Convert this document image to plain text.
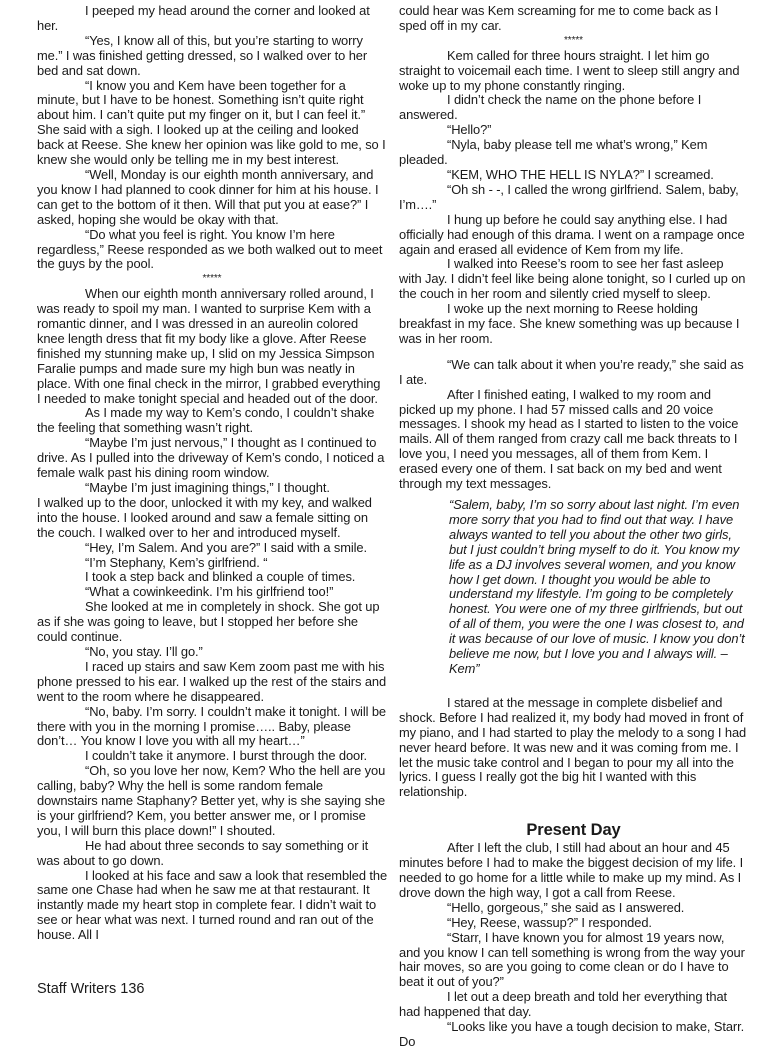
I peeped my head around the corner and looked at her.

“Yes, I know all of this, but you’re starting to worry me.” I was finished getting dressed, so I walked over to her bed and sat down.

“I know you and Kem have been together for a minute, but I have to be honest. Something isn’t quite right about him. I can’t quite put my finger on it, but I can feel it.” She said with a sigh. I looked up at the ceiling and looked back at Reese. She knew her opinion was like gold to me, so I knew she would only be telling me in my best interest.

“Well, Monday is our eighth month anniversary, and you know I had planned to cook dinner for him at his house. I can get to the bottom of it then. Will that put you at ease?” I asked, hoping she would be okay with that.

“Do what you feel is right. You know I’m here regardless,” Reese responded as we both walked out to meet the guys by the pool.

*****

When our eighth month anniversary rolled around, I was ready to spoil my man. I wanted to surprise Kem with a romantic dinner, and I was dressed in an aureolin colored knee length dress that fit my body like a glove. After Reese finished my stunning make up, I slid on my Jessica Simpson Faralie pumps and made sure my high bun was neatly in place. With one final check in the mirror, I grabbed everything I needed to make tonight special and headed out of the door.

As I made my way to Kem’s condo, I couldn’t shake the feeling that something wasn’t right.

“Maybe I’m just nervous,” I thought as I continued to drive. As I pulled into the driveway of Kem’s condo, I noticed a female walk past his dining room window.

“Maybe I’m just imagining things,” I thought.

I walked up to the door, unlocked it with my key, and walked into the house. I looked around and saw a female sitting on the couch. I walked over to her and introduced myself.

“Hey, I’m Salem. And you are?” I said with a smile.

“I’m Stephany, Kem’s girlfriend. “

I took a step back and blinked a couple of times.

“What a cowinkeedink. I’m his girlfriend too!”

She looked at me in completely in shock. She got up as if she was going to leave, but I stopped her before she could continue.

“No, you stay. I’ll go.”

I raced up stairs and saw Kem zoom past me with his phone pressed to his ear. I walked up the rest of the stairs and went to the room where he disappeared.

“No, baby. I’m sorry. I couldn’t make it tonight. I will be there with you in the morning I promise….. Baby, please don’t… You know I love you with all my heart…”

I couldn’t take it anymore. I burst through the door.

“Oh, so you love her now, Kem? Who the hell are you calling, baby? Why the hell is some random female downstairs name Staphany? Better yet, why is she saying she is your girlfriend? Kem, you better answer me, or I promise you, I will burn this place down!” I shouted.

He had about three seconds to say something or it was about to go down.

I looked at his face and saw a look that resembled the same one Chase had when he saw me at that restaurant. It instantly made my heart stop in complete fear. I didn’t wait to see or hear what was next. I turned round and ran out of the house. All I

could hear was Kem screaming for me to come back as I sped off in my car.

*****

Kem called for three hours straight. I let him go straight to voicemail each time. I went to sleep still angry and woke up to my phone constantly ringing.

I didn’t check the name on the phone before I answered.

“Hello?”

“Nyla, baby please tell me what’s wrong,” Kem pleaded.

“KEM, WHO THE HELL IS NYLA?” I screamed.

“Oh sh - -, I called the wrong girlfriend. Salem, baby, I’m….”

I hung up before he could say anything else. I had officially had enough of this drama. I went on a rampage once again and erased all evidence of Kem from my life.

I walked into Reese’s room to see her fast asleep with Jay. I didn’t feel like being alone tonight, so I curled up on the couch in her room and silently cried myself to sleep.

I woke up the next morning to Reese holding breakfast in my face. She knew something was up because I was in her room.

“We can talk about it when you’re ready,” she said as I ate.

After I finished eating, I walked to my room and picked up my phone. I had 57 missed calls and 20 voice messages. I shook my head as I started to listen to the voice mails. All of them ranged from crazy call me back threats to I love you, I need you messages, all of them from Kem. I erased every one of them. I sat back on my bed and went through my text messages.

“Salem, baby, I’m so sorry about last night. I’m even more sorry that you had to find out that way. I have always wanted to tell you about the other two girls, but I just couldn’t bring myself to do it. You know my life as a DJ involves several women, and you know how I get down. I thought you would be able to understand my lifestyle. I’m going to be completely honest. You were one of my three girlfriends, but out of all of them, you were the one I was closest to, and it was because of our love of music. I know you don’t believe me now, but I love you and I always will. –Kem”

I stared at the message in complete disbelief and shock. Before I had realized it, my body had moved in front of my piano, and I had started to play the melody to a song I had never heard before. It was new and it was coming from me. I let the music take control and I began to pour my all into the lyrics. I guess I really got the big hit I wanted with this relationship.

Present Day

After I left the club, I still had about an hour and 45 minutes before I had to make the biggest decision of my life. I needed to go home for a little while to make up my mind. As I drove down the high way, I got a call from Reese.

“Hello, gorgeous,” she said as I answered.

“Hey, Reese, wassup?” I responded.

“Starr, I have known you for almost 19 years now, and you know I can tell something is wrong from the way your hair moves, so are you going to come clean or do I have to beat it out of you?”

I let out a deep breath and told her everything that had happened that day.

“Looks like you have a tough decision to make, Starr. Do

Staff Writers 136
